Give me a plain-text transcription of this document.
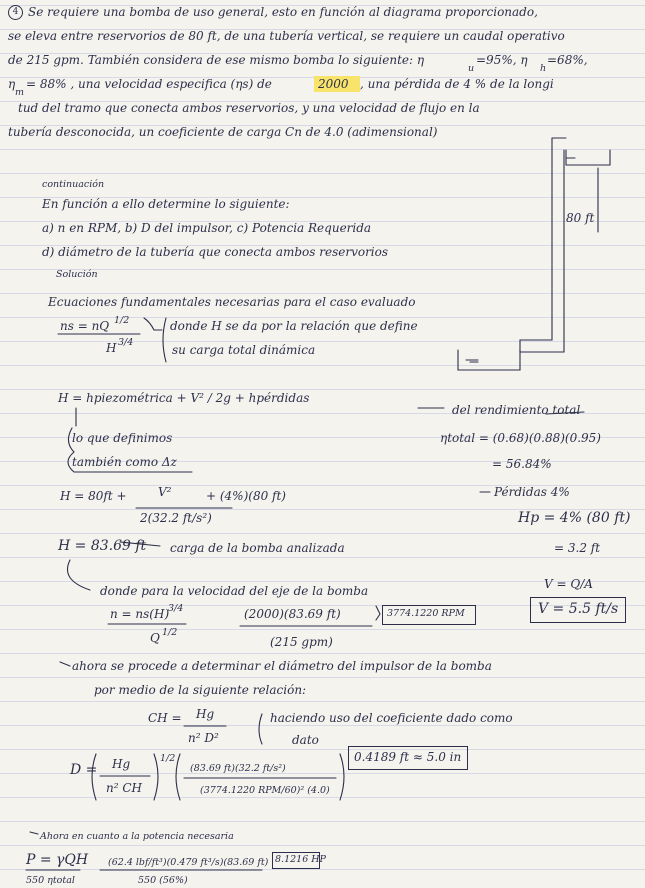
4 Se requiere una bomba de uso general, esto en función al diagrama proporcionado,
se eleva entre reservorios de 80 ft, de una tubería vertical, se requiere un caudal operativo
de 215 gpm. También considera de ese mismo bomba lo siguiente: η
u
=95%, η
h
=68%,
η
m
= 88% , una velocidad especifica (ηs) de	2000 , una pérdida de 4 % de la longi
tud del tramo que conecta ambos reservorios, y una velocidad de flujo en la
tubería desconocida, un coeficiente de carga Cn de 4.0 (adimensional)
continuación
En función a ello determine lo siguiente:
a) n en RPM, b) D del impulsor, c) Potencia Requerida
d) diámetro de la tubería que conecta ambos reservorios
Solución
Ecuaciones fundamentales necesarias para el caso evaluado
ns = nQ 1/2
H 3/4
donde H se da por la relación que define
su carga total dinámica
H = hpiezométrica + V² / 2g + hpérdidas
lo que definimos
también como Δz
H = 80ft +	V²
2(32.2 ft/s²)
+ (4%)(80 ft)
H = 83.69 ft carga de la bomba analizada
del rendimiento total
ηtotal = (0.68)(0.88)(0.95)
= 56.84%
Pérdidas 4%
Hp = 4% (80 ft)
= 3.2 ft
V = Q/A
V = 5.5 ft/s
donde para la velocidad del eje de la bomba
n = ns(H)
3/4
Q 1/2
(2000)(83.69 ft)
(215 gpm)
3774.1220 RPM
ahora se procede a determinar el diámetro del impulsor de la bomba
por medio de la siguiente relación:
CH = Hg
n² D²
haciendo uso del coeficiente dado como
dato
D = Hg
n² CH
1/2
(83.69 ft)(32.2 ft/s²)
(3774.1220 RPM/60)² (4.0)
0.4189 ft ≈ 5.0 in
Ahora en cuanto a la potencia necesaria
P = γQH
550 ηtotal
(62.4 lbf/ft³)(0.479 ft³/s)(83.69 ft)
550 (56%)
8.1216 HP
80 ft
